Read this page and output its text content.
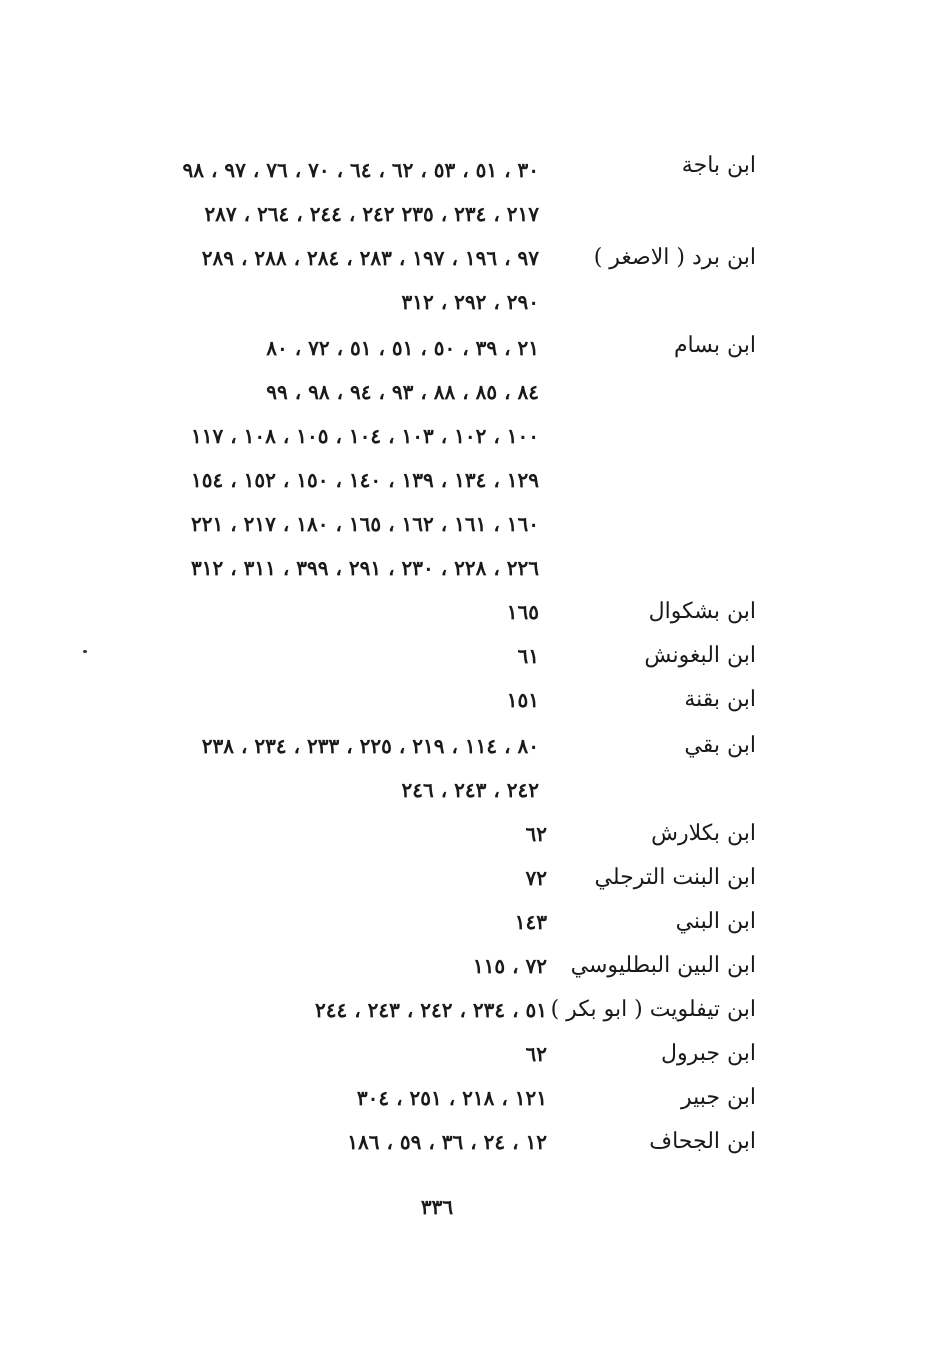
ابن باجة
٣٠ ، ٥١ ، ٥٣ ، ٦٢ ، ٦٤ ، ٧٠ ، ٧٦ ، ٩٧ ، ٩٨
٢١٧ ، ٢٣٤ ، ٢٣٥ ٢٤٢ ، ٢٤٤ ، ٢٦٤ ، ٢٨٧
ابن برد ( الاصغر )
٩٧ ، ١٩٦ ، ١٩٧ ، ٢٨٣ ، ٢٨٤ ، ٢٨٨ ، ٢٨٩
٢٩٠ ، ٢٩٢ ، ٣١٢
ابن بسام
٢١ ، ٣٩ ، ٥٠ ، ٥١ ، ٥١ ، ٧٢ ، ٨٠
٨٤ ، ٨٥ ، ٨٨ ، ٩٣ ، ٩٤ ، ٩٨ ، ٩٩
١٠٠ ، ١٠٢ ، ١٠٣ ، ١٠٤ ، ١٠٥ ، ١٠٨ ، ١١٧
١٢٩ ، ١٣٤ ، ١٣٩ ، ١٤٠ ، ١٥٠ ، ١٥٢ ، ١٥٤
١٦٠ ، ١٦١ ، ١٦٢ ، ١٦٥ ، ١٨٠ ، ٢١٧ ، ٢٢١
٢٢٦ ، ٢٢٨ ، ٢٣٠ ، ٢٩١ ، ٣٩٩ ، ٣١١ ، ٣١٢
ابن بشكوال
١٦٥
ابن البغونش
٦١
ابن بقنة
١٥١
ابن بقي
٨٠ ، ١١٤ ، ٢١٩ ، ٢٢٥ ، ٢٣٣ ، ٢٣٤ ، ٢٣٨
٢٤٢ ، ٢٤٣ ، ٢٤٦
ابن بكلارش
٦٢
ابن البنت الترجلي
٧٢
ابن البني
١٤٣
ابن البين البطليوسي
٧٢ ، ١١٥
ابن تيفلويت ( ابو بكر )
٥١ ، ٢٣٤ ، ٢٤٢ ، ٢٤٣ ، ٢٤٤
ابن جبرول
٦٢
ابن جبير
١٢١ ، ٢١٨ ، ٢٥١ ، ٣٠٤
ابن الجحاف
١٢ ، ٢٤ ، ٣٦ ، ٥٩ ، ١٨٦
٣٣٦
